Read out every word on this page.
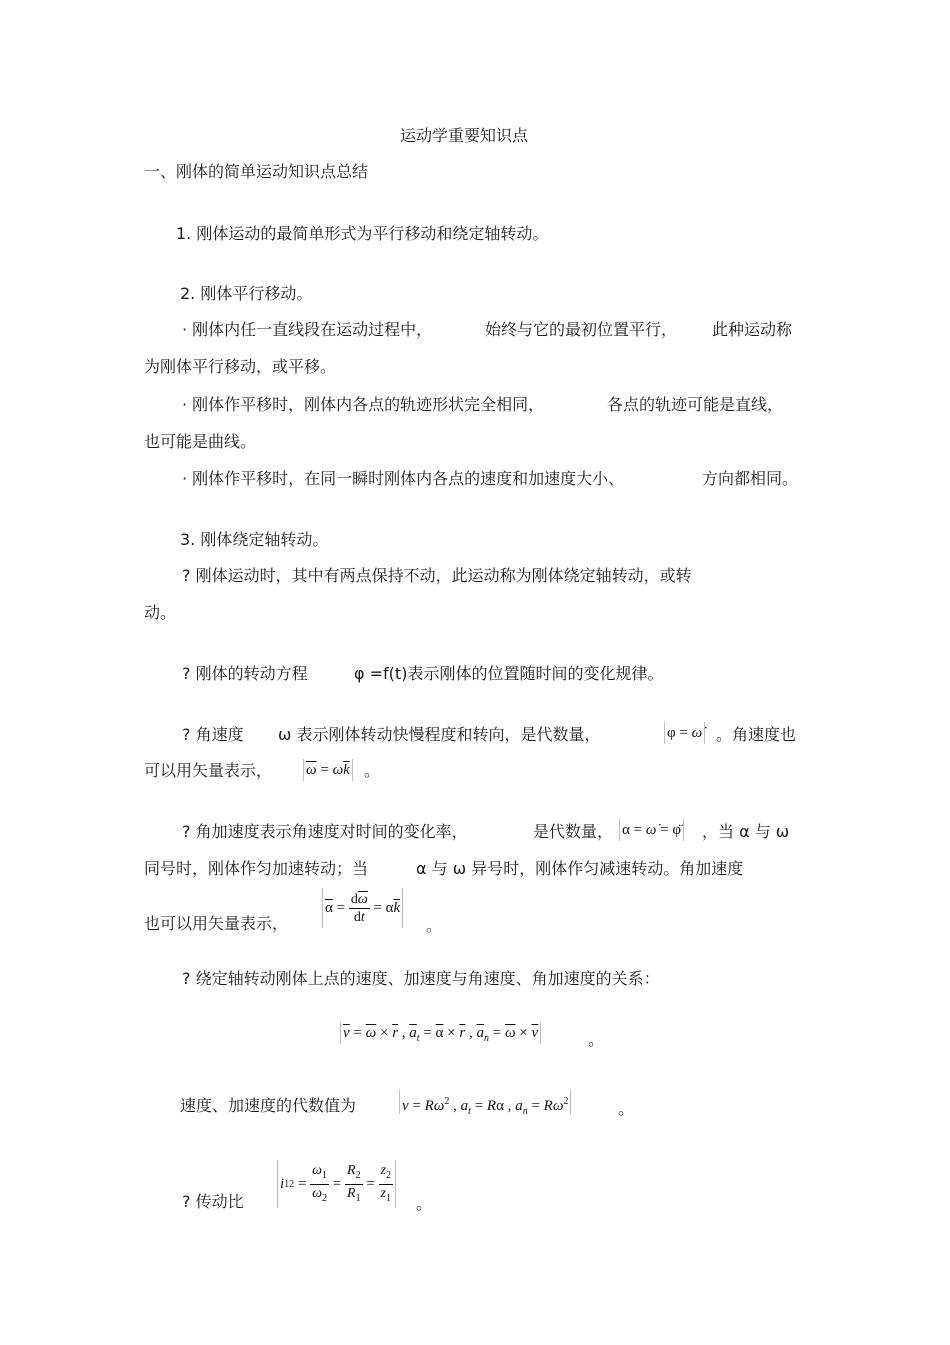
运动学重要知识点
一、刚体的简单运动知识点总结
1. 刚体运动的最简单形式为平行移动和绕定轴转动。
2. 刚体平行移动。
· 刚体内任一直线段在运动过程中，	始终与它的最初位置平行， 此种运动称
为刚体平行移动，或平移。
· 刚体作平移时，刚体内各点的轨迹形状完全相同，	各点的轨迹可能是直线，
也可能是曲线。
· 刚体作平移时，在同一瞬时刚体内各点的速度和加速度大小、	方向都相同。
3. 刚体绕定轴转动。
? 刚体运动时，其中有两点保持不动，此运动称为刚体绕定轴转动，或转
动。
? 刚体的转动方程	φ =f(t)表示刚体的位置随时间的变化规律。
? 角速度 ω 表示刚体转动快慢程度和转向，是代数量，	φ = ω̇ 。角速度也
可以用矢量表示， $\overline{\omega} = \omega\overline{k}$ 。
? 角加速度表示角速度对时间的变化率，	是代数量， α = ω̇ = φ̈ ，当 α 与 ω
同号时，刚体作匀加速转动；当	α 与 ω 异号时，刚体作匀减速转动。角加速度
也可以用矢量表示，
$\overline{\alpha} = \frac{d\overline{\omega}}{dt} = \alpha$ $\overline{k}$
。
? 绕定轴转动刚体上点的速度、加速度与角速度、角加速度的关系：
$\overline{v} = \overline{\omega} \times \overline{r}$ , $\overline{a}_t = \overline{\alpha} \times \overline{r}$ , $\overline{a}_n = \overline{\omega} \times \overline{v}$	。
速度、加速度的代数值为	$v = R\omega^2$ , $a_t = R\alpha$ , $a_n = R\omega^2$	。
? 传动比
i $12 = \frac{\omega_1}{\omega_2} = \frac{R_2}{R_1} = \frac{z_2}{z_1}$ 。
